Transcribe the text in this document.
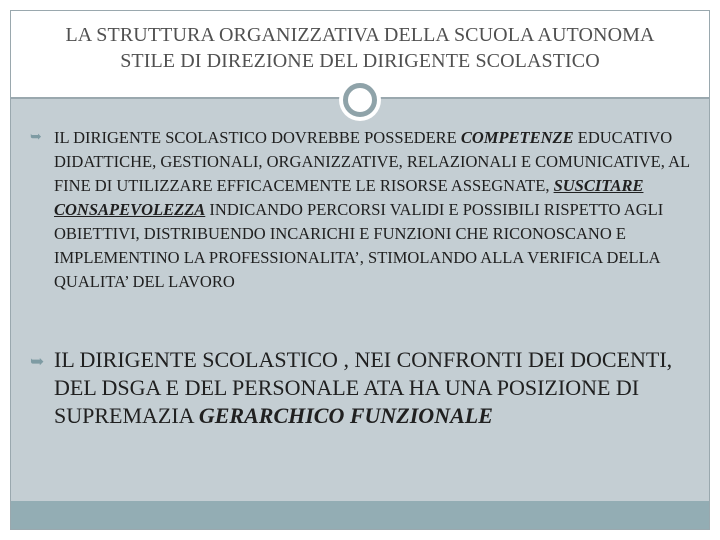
LA STRUTTURA ORGANIZZATIVA DELLA SCUOLA AUTONOMA
STILE DI DIREZIONE DEL DIRIGENTE SCOLASTICO
➥ IL DIRIGENTE SCOLASTICO DOVREBBE POSSEDERE COMPETENZE EDUCATIVO DIDATTICHE, GESTIONALI, ORGANIZZATIVE, RELAZIONALI E COMUNICATIVE, AL FINE DI UTILIZZARE EFFICACEMENTE LE RISORSE ASSEGNATE, SUSCITARE CONSAPEVOLEZZA INDICANDO PERCORSI VALIDI E POSSIBILI RISPETTO AGLI OBIETTIVI, DISTRIBUENDO INCARICHI E FUNZIONI CHE RICONOSCANO E IMPLEMENTINO LA PROFESSIONALITA’, STIMOLANDO ALLA VERIFICA DELLA QUALITA’ DEL LAVORO
➥ IL DIRIGENTE SCOLASTICO , NEI CONFRONTI DEI DOCENTI, DEL DSGA E DEL PERSONALE ATA HA UNA POSIZIONE DI SUPREMAZIA GERARCHICO FUNZIONALE
